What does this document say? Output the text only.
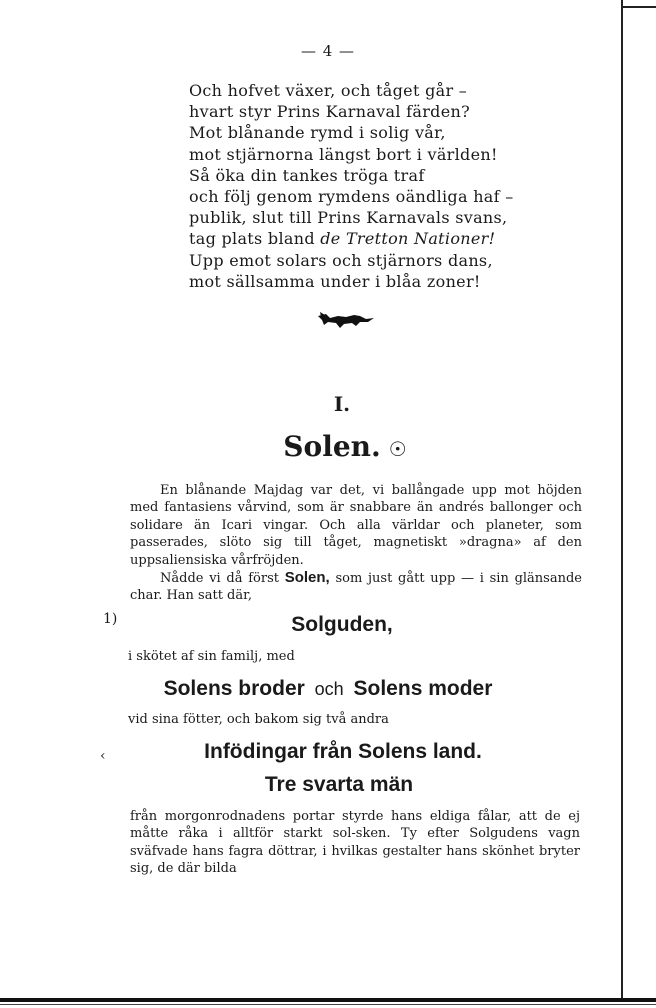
— 4 —
Och hofvet växer, och tåget går –
hvart styr Prins Karnaval färden?
Mot blånande rymd i solig vår,
mot stjärnorna längst bort i världen!
Så öka din tankes tröga traf
och följ genom rymdens oändliga haf –
publik, slut till Prins Karnavals svans,
tag plats bland de Tretton Nationer!
Upp emot solars och stjärnors dans,
mot sällsamma under i blåa zoner!
I.
Solen. ☉

En blånande Majdag var det, vi ballångade upp mot höjden med fantasiens vårvind, som är snabbare än andrés ballonger och solidare än Icari vingar. Och alla världar och planeter, som passerades, slöto sig till tåget, magnetiskt »dragna» af den uppsaliensiska vårfröjden.

Nådde vi då först Solen, som just gått upp — i sin glänsande char. Han satt där,

1)	Solguden,
i skötet af sin familj, med
Solens broder och Solens moder
vid sina fötter, och bakom sig två andra
‹	Infödingar från Solens land.
Tre svarta män

från morgonrodnadens portar styrde hans eldiga fålar, att de ej måtte råka i alltför starkt sol-sken. Ty efter Solgudens vagn sväfvade hans fagra döttrar, i hvilkas gestalter hans skönhet bryter sig, de där bilda
